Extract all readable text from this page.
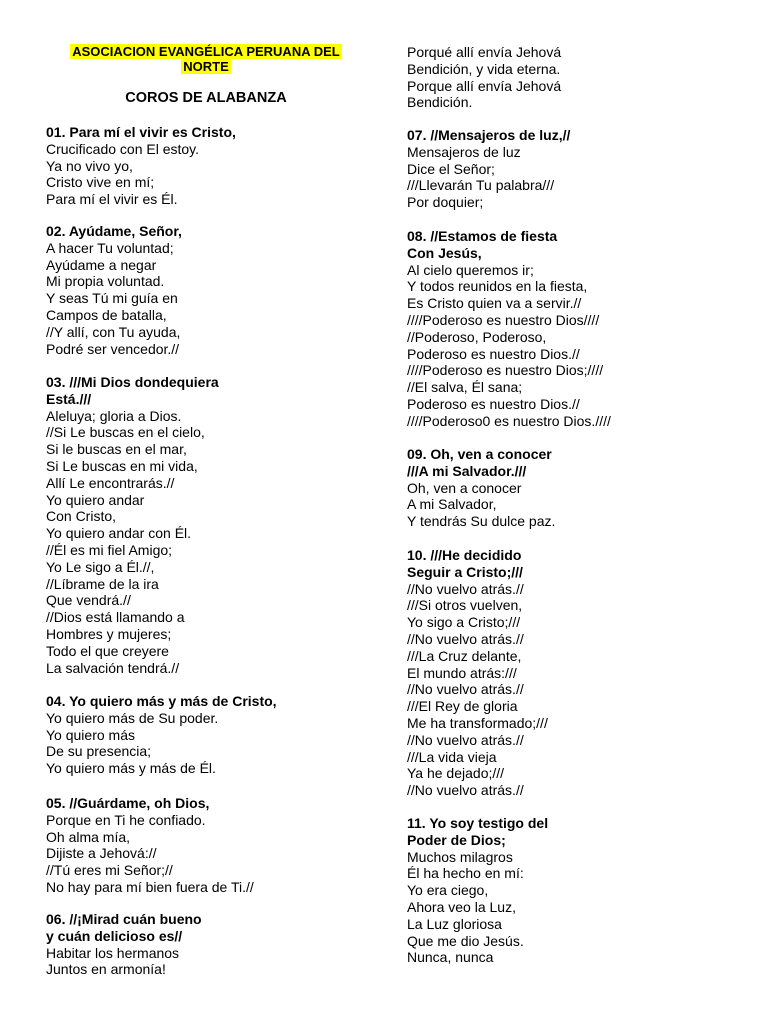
ASOCIACION EVANGÉLICA PERUANA DEL
NORTE
COROS DE ALABANZA
01. Para mí el vivir es Cristo,
Crucificado con El estoy.
Ya no vivo yo,
Cristo vive en mí;
Para mí el vivir es Él.
02. Ayúdame, Señor,
A hacer Tu voluntad;
Ayúdame a negar
Mi propia voluntad.
Y seas Tú mi guía en
Campos de batalla,
//Y allí, con Tu ayuda,
Podré ser vencedor.//
03. ///Mi Dios dondequiera
Está.///
Aleluya; gloria a Dios.
//Si Le buscas en el cielo,
Si le buscas en el mar,
Si Le buscas en mi vida,
Allí Le encontrarás.//
Yo quiero andar
Con Cristo,
Yo quiero andar con Él.
//Él es mi fiel Amigo;
Yo Le sigo a Él.//,
//Líbrame de la ira
Que vendrá.//
//Dios está llamando a
Hombres y mujeres;
Todo el que creyere
La salvación tendrá.//
04. Yo quiero más y más de Cristo,
Yo quiero más de Su poder.
Yo quiero más
De su presencia;
Yo quiero más y más de Él.
05. //Guárdame, oh Dios,
Porque en Ti he confiado.
Oh alma mía,
Dijiste a Jehová://
//Tú eres mi Señor;//
No hay para mí bien fuera de Ti.//
06. //¡Mirad cuán bueno
y cuán delicioso es//
Habitar los hermanos
Juntos en armonía!
Porqué allí envía Jehová
Bendición, y vida eterna.
Porque allí envía Jehová
Bendición.
07. //Mensajeros de luz,//
Mensajeros de luz
Dice el Señor;
///Llevarán Tu palabra///
Por doquier;
08. //Estamos de fiesta
Con Jesús,
Al cielo queremos ir;
Y todos reunidos en la fiesta,
Es Cristo quien va a servir.//
////Poderoso es nuestro Dios////
//Poderoso, Poderoso,
Poderoso es nuestro Dios.//
////Poderoso es nuestro Dios;////
//El salva, Él sana;
Poderoso es nuestro Dios.//
////Poderoso0 es nuestro Dios.////
09. Oh, ven a conocer
///A mi Salvador.///
Oh, ven a conocer
A mi Salvador,
Y tendrás Su dulce paz.
10. ///He decidido
Seguir a Cristo;///
//No vuelvo atrás.//
///Si otros vuelven,
Yo sigo a Cristo;///
//No vuelvo atrás.//
///La Cruz delante,
El mundo atrás:///
//No vuelvo atrás.//
///El Rey de gloria
Me ha transformado;///
//No vuelvo atrás.//
///La vida vieja
Ya he dejado;///
//No vuelvo atrás.//
11. Yo soy testigo del
Poder de Dios;
Muchos milagros
Él ha hecho en mí:
Yo era ciego,
Ahora veo la Luz,
La Luz gloriosa
Que me dio Jesús.
Nunca, nunca
